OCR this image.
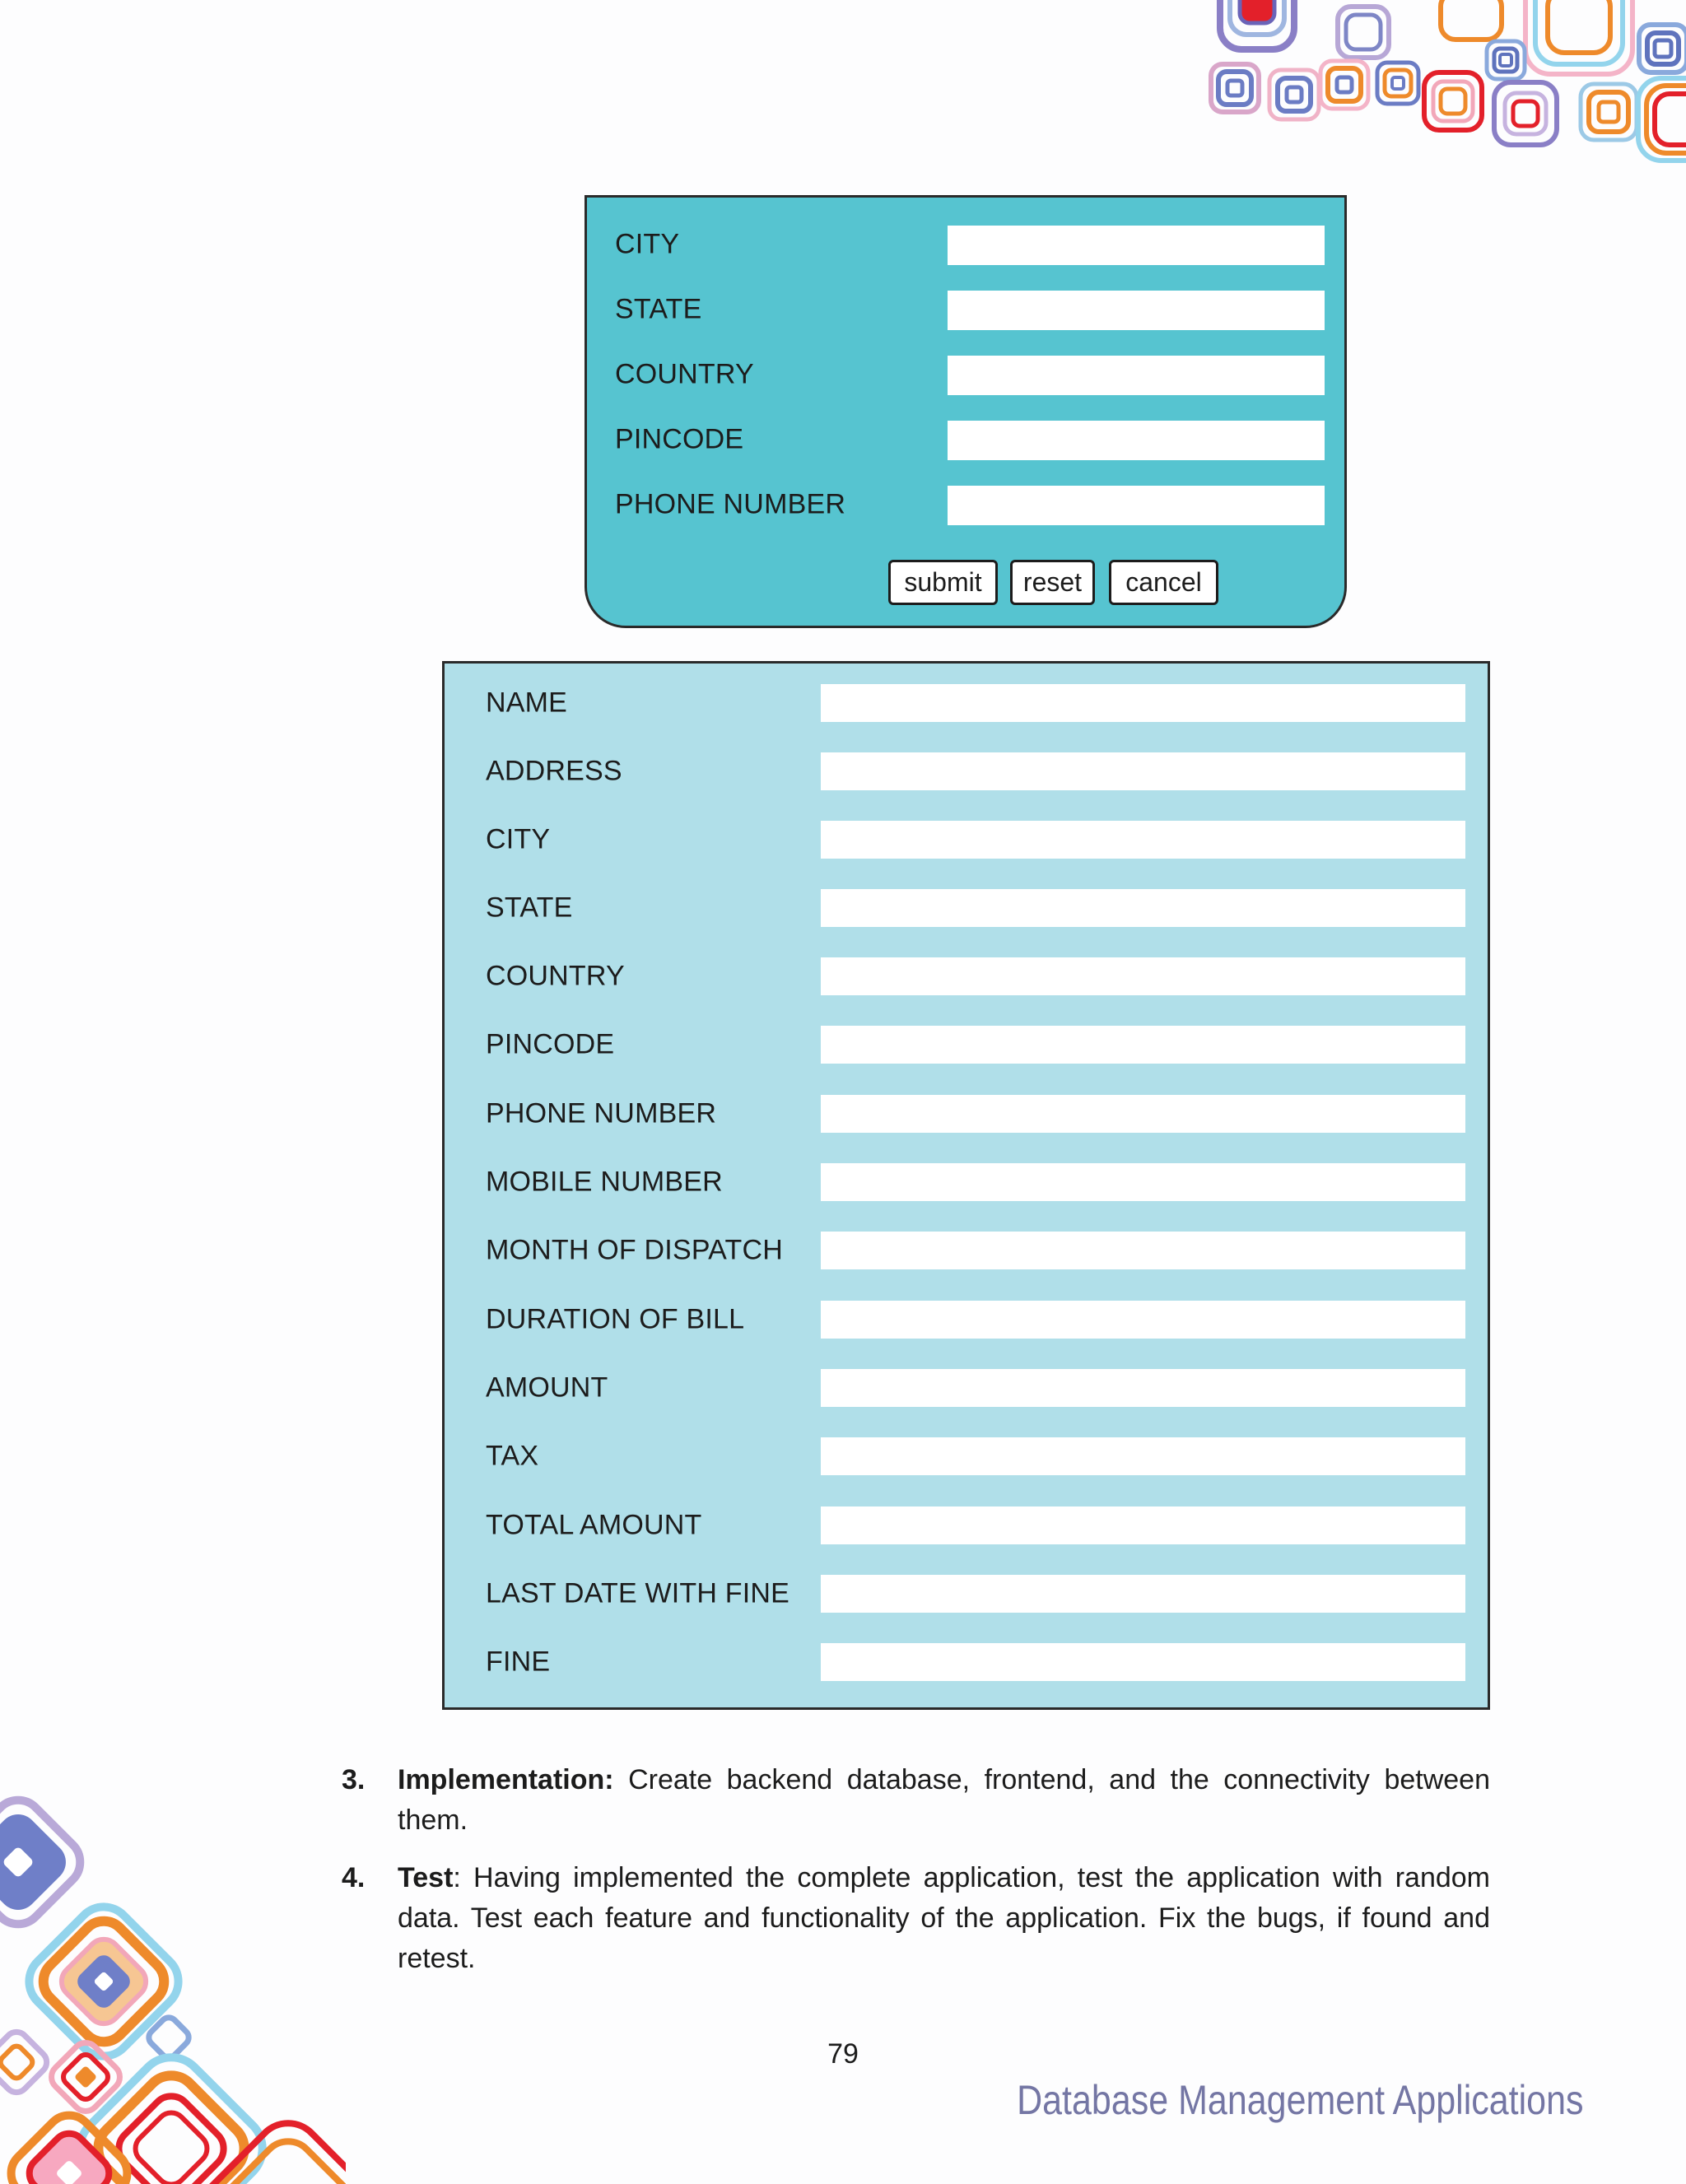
CITY
STATE
COUNTRY
PINCODE
PHONE NUMBER
submit	reset	cancel
NAME
ADDRESS
CITY
STATE
COUNTRY
PINCODE
PHONE NUMBER
MOBILE NUMBER
MONTH OF DISPATCH
DURATION OF BILL
AMOUNT
TAX
TOTAL AMOUNT
LAST DATE WITH FINE
FINE
3. Implementation: Create backend database, frontend, and the connectivity between them.

4. Test: Having implemented the complete application, test the application with random data. Test each feature and functionality of the application. Fix the bugs, if found and retest.

79
Database Management Applications
